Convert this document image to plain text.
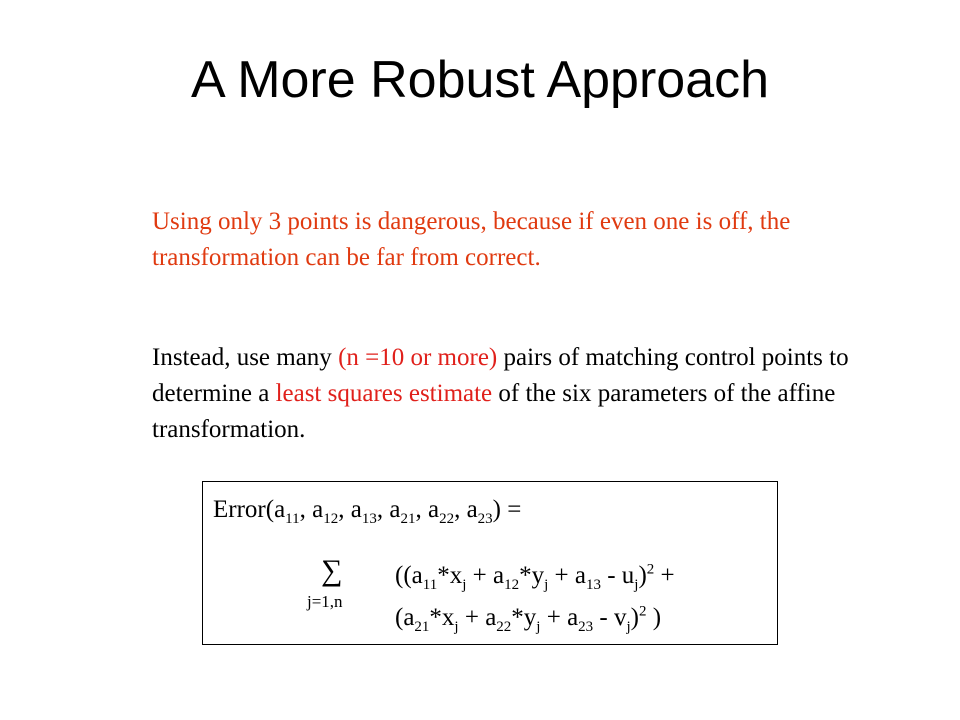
A More Robust Approach
Using only 3 points is dangerous, because if even one is off, the transformation can be far from correct.
Instead, use many (n =10 or more) pairs of matching control points to determine a least squares estimate of the six parameters of the affine transformation.
$Error(a_{11}$, $a_{12}$, $a_{13}$, $a_{21}$, $a_{22}$, $a_{23}$) =
∑
j=1,n
($(a_{11}*x_j + a_{12}*y_j + a_{13} - u_j)^2$ +
$(a_{21}*x_j + a_{22}*y_j + a_{23} - v_j)^2$ )
